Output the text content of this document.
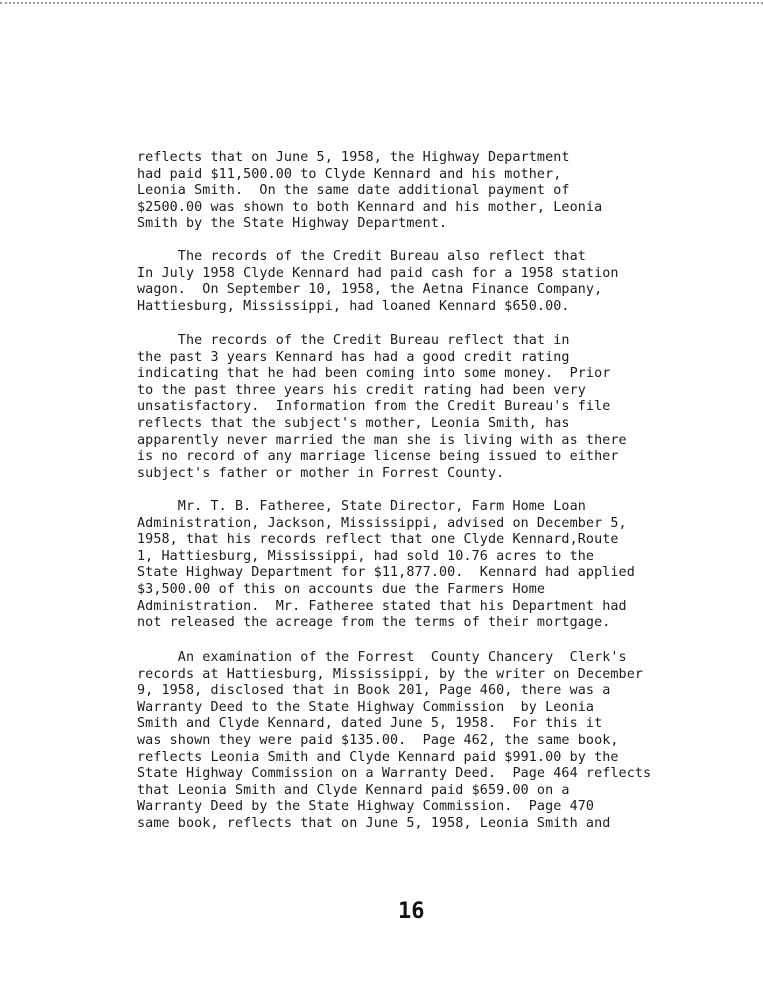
16
reflects that on June 5, 1958, the Highway Department
had paid $11,500.00 to Clyde Kennard and his mother,
Leonia Smith.  On the same date additional payment of
$2500.00 was shown to both Kennard and his mother, Leonia
Smith by the State Highway Department.
The records of the Credit Bureau also reflect that
In July 1958 Clyde Kennard had paid cash for a 1958 station
wagon.  On September 10, 1958, the Aetna Finance Company,
Hattiesburg, Mississippi, had loaned Kennard $650.00.
The records of the Credit Bureau reflect that in
the past 3 years Kennard has had a good credit rating
indicating that he had been coming into some money.  Prior
to the past three years his credit rating had been very
unsatisfactory.  Information from the Credit Bureau's file
reflects that the subject's mother, Leonia Smith, has
apparently never married the man she is living with as there
is no record of any marriage license being issued to either
subject's father or mother in Forrest County.
Mr. T. B. Fatheree, State Director, Farm Home Loan
Administration, Jackson, Mississippi, advised on December 5,
1958, that his records reflect that one Clyde Kennard,Route
1, Hattiesburg, Mississippi, had sold 10.76 acres to the
State Highway Department for $11,877.00.  Kennard had applied
$3,500.00 of this on accounts due the Farmers Home
Administration.  Mr. Fatheree stated that his Department had
not released the acreage from the terms of their mortgage.
An examination of the Forrest  County Chancery  Clerk's
records at Hattiesburg, Mississippi, by the writer on December
9, 1958, disclosed that in Book 201, Page 460, there was a
Warranty Deed to the State Highway Commission  by Leonia
Smith and Clyde Kennard, dated June 5, 1958.  For this it
was shown they were paid $135.00.  Page 462, the same book,
reflects Leonia Smith and Clyde Kennard paid $991.00 by the
State Highway Commission on a Warranty Deed.  Page 464 reflects
that Leonia Smith and Clyde Kennard paid $659.00 on a
Warranty Deed by the State Highway Commission.  Page 470
same book, reflects that on June 5, 1958, Leonia Smith and
